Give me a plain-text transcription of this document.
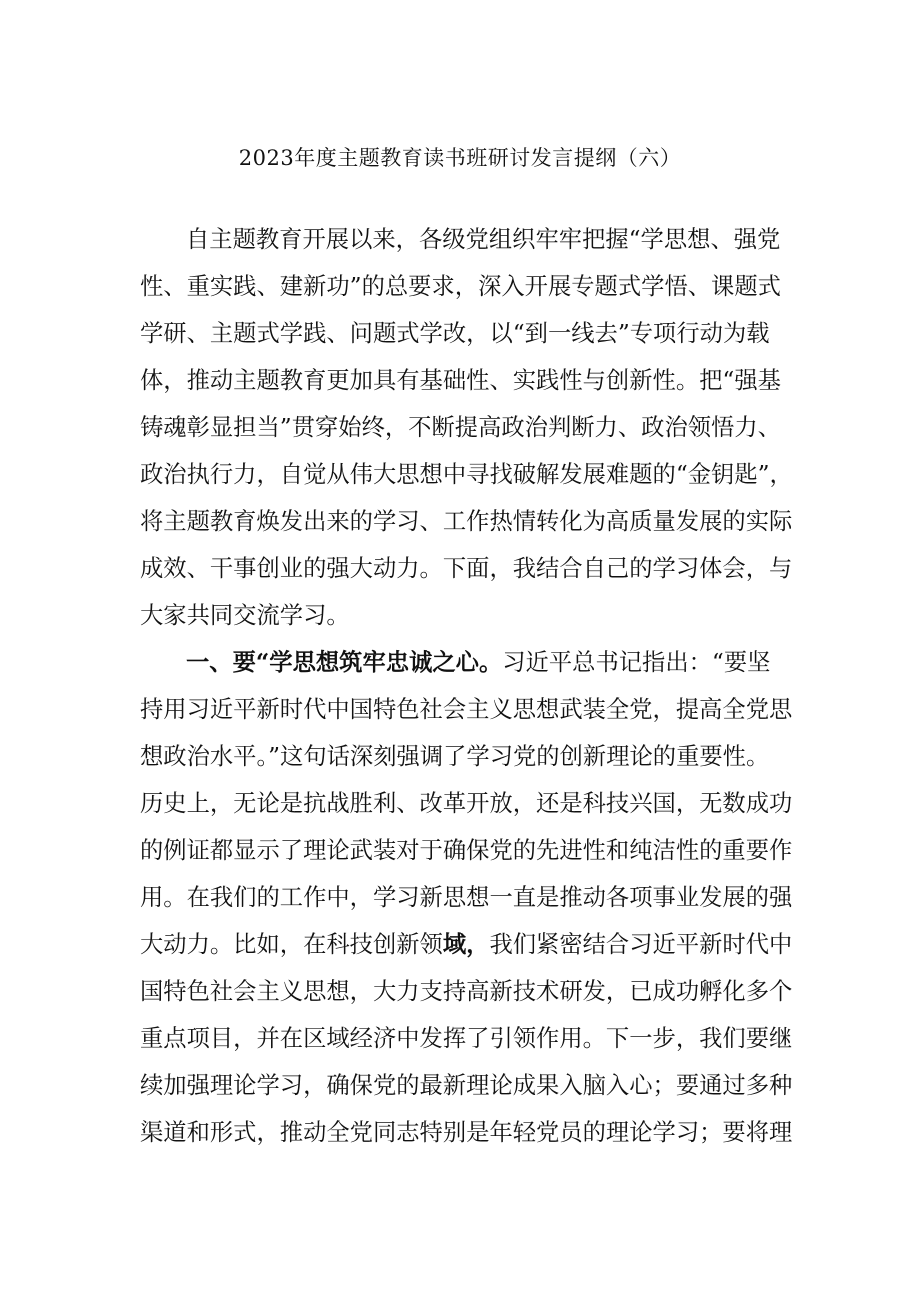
2023年度主题教育读书班研讨发言提纲（六）
自主题教育开展以来，各级党组织牢牢把握“学思想、强党
性、重实践、建新功”的总要求，深入开展专题式学悟、课题式
学研、主题式学践、问题式学改，以“到一线去”专项行动为载
体，推动主题教育更加具有基础性、实践性与创新性。把“强基
铸魂彰显担当”贯穿始终，不断提高政治判断力、政治领悟力、
政治执行力，自觉从伟大思想中寻找破解发展难题的“金钥匙”，
将主题教育焕发出来的学习、工作热情转化为高质量发展的实际
成效、干事创业的强大动力。下面，我结合自己的学习体会，与
大家共同交流学习。
一、要“学思想筑牢忠诚之心。习近平总书记指出：“要坚
持用习近平新时代中国特色社会主义思想武装全党，提高全党思
想政治水平。”这句话深刻强调了学习党的创新理论的重要性。
历史上，无论是抗战胜利、改革开放，还是科技兴国，无数成功
的例证都显示了理论武装对于确保党的先进性和纯洁性的重要作
用。在我们的工作中，学习新思想一直是推动各项事业发展的强
大动力。比如，在科技创新领域，我们紧密结合习近平新时代中
国特色社会主义思想，大力支持高新技术研发，已成功孵化多个
重点项目，并在区域经济中发挥了引领作用。下一步，我们要继
续加强理论学习，确保党的最新理论成果入脑入心；要通过多种
渠道和形式，推动全党同志特别是年轻党员的理论学习；要将理
